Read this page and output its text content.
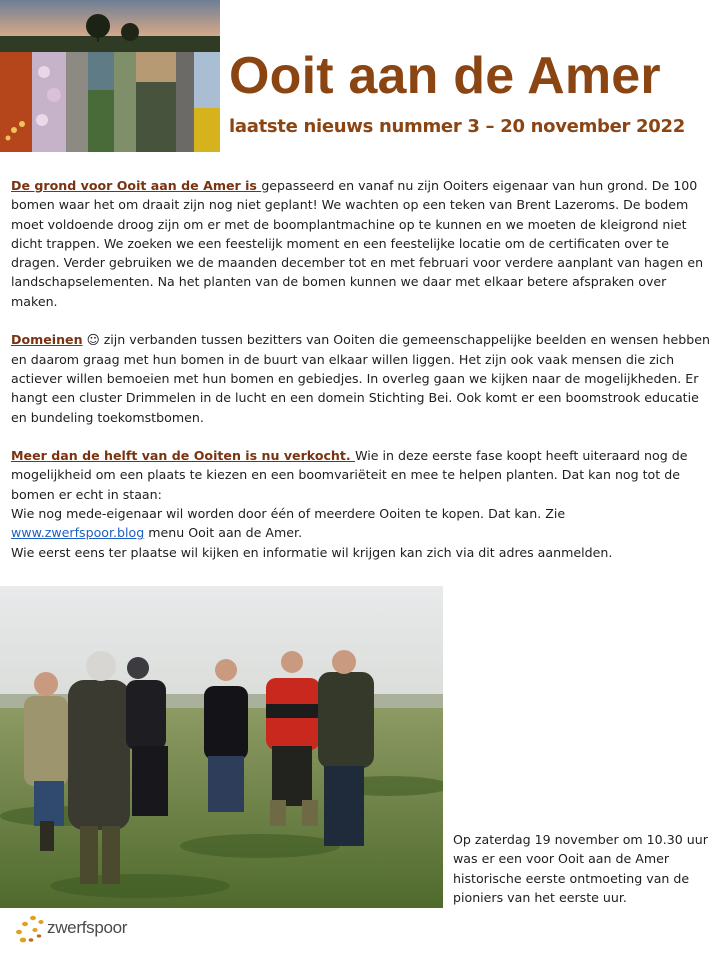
Ooit aan de Amer
laatste nieuws nummer 3 – 20 november 2022

De grond voor Ooit aan de Amer is gepasseerd en vanaf nu zijn Ooiters eigenaar van hun grond. De 100 bomen waar het om draait zijn nog niet geplant! We wachten op een teken van Brent Lazeroms. De bodem moet voldoende droog zijn om er met de boomplantmachine op te kunnen en we moeten de kleigrond niet dicht trappen. We zoeken we een feestelijk moment en een feestelijke locatie om de certificaten over te dragen. Verder gebruiken we de maanden december tot en met februari voor verdere aanplant van hagen en landschapselementen. Na het planten van de bomen kunnen we daar met elkaar betere afspraken over maken.

Domeinen ☺ zijn verbanden tussen bezitters van Ooiten die gemeenschappelijke beelden en wensen hebben en daarom graag met hun bomen in de buurt van elkaar willen liggen. Het zijn ook vaak mensen die zich actiever willen bemoeien met hun bomen en gebiedjes. In overleg gaan we kijken naar de mogelijkheden. Er hangt een cluster Drimmelen in de lucht en een domein Stichting Bei. Ook komt er een boomstrook educatie en bundeling toekomstbomen.

Meer dan de helft van de Ooiten is nu verkocht. Wie in deze eerste fase koopt heeft uiteraard nog de mogelijkheid om een plaats te kiezen en een boomvariëteit en mee te helpen planten. Dat kan nog tot de bomen er echt in staan:
Wie nog mede-eigenaar wil worden door één of meerdere Ooiten te kopen. Dat kan. Zie
www.zwerfspoor.blog menu Ooit aan de Amer.
Wie eerst eens ter plaatse wil kijken en informatie wil krijgen kan zich via dit adres aanmelden.

Op zaterdag 19 november om 10.30 uur was er een voor Ooit aan de Amer historische eerste ontmoeting van de pioniers van het eerste uur.
zwerfspoor
